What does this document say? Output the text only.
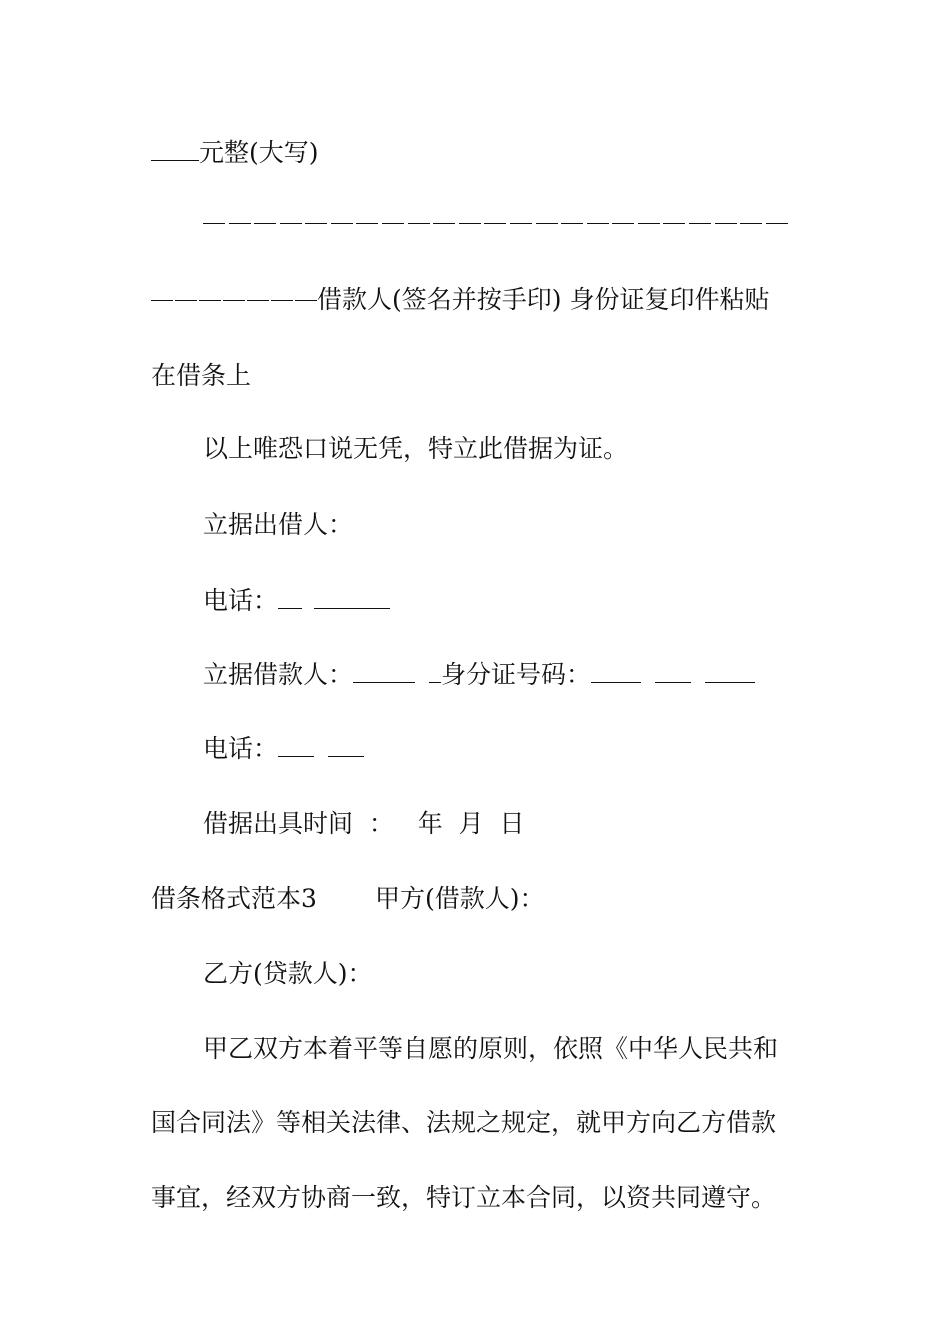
元整(大写)
借款人(签名并按手印) 身份证复印件粘贴
在借条上
以上唯恐口说无凭，特立此借据为证。
立据出借人：
电话：
立据借款人：	身分证号码：
电话：
借据出具时间  ：   年  月  日
借条格式范本3 甲方(借款人)：
乙方(贷款人)：
甲乙双方本着平等自愿的原则，依照《中华人民共和
国合同法》等相关法律、法规之规定，就甲方向乙方借款
事宜，经双方协商一致，特订立本合同，以资共同遵守。
